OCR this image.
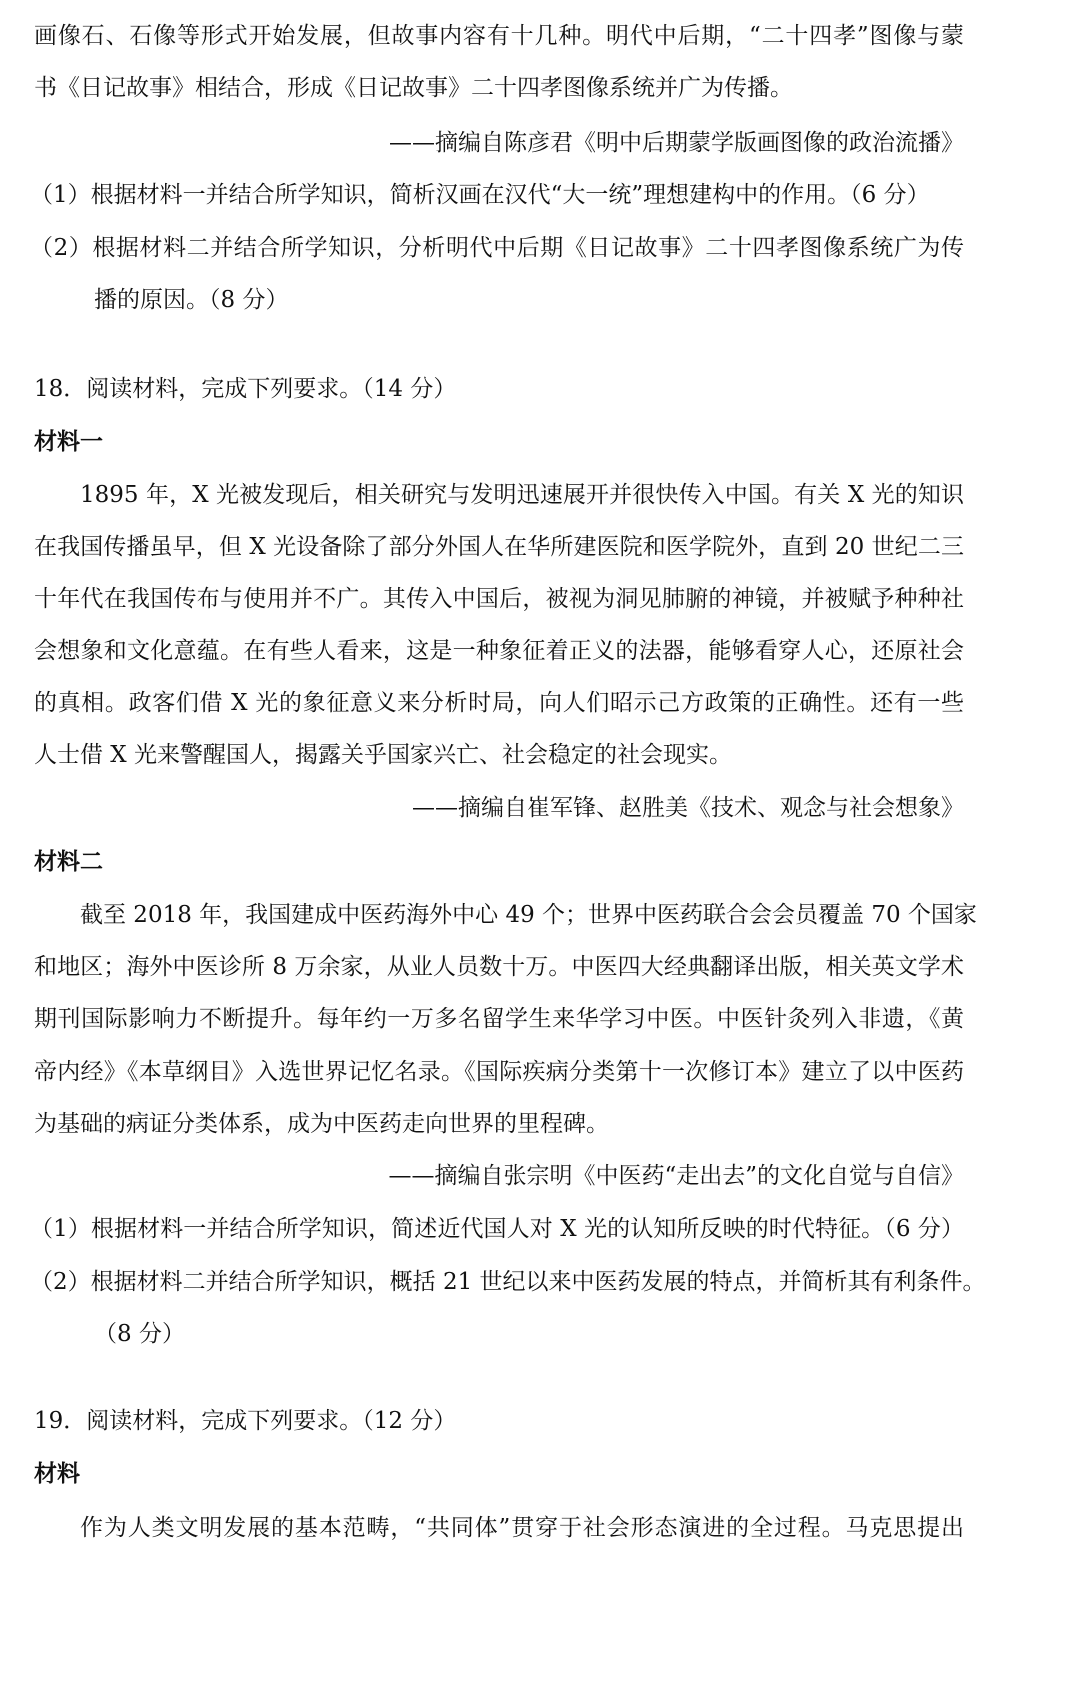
画像石、石像等形式开始发展，但故事内容有十几种。明代中后期，“二十四孝”图像与蒙
书《日记故事》相结合，形成《日记故事》二十四孝图像系统并广为传播。
——摘编自陈彦君《明中后期蒙学版画图像的政治流播》
（1）根据材料一并结合所学知识，简析汉画在汉代“大一统”理想建构中的作用。（6 分）
（2）根据材料二并结合所学知识，分析明代中后期《日记故事》二十四孝图像系统广为传
播的原因。（8 分）
18．阅读材料，完成下列要求。（14 分）
材料一
1895 年，X 光被发现后，相关研究与发明迅速展开并很快传入中国。有关 X 光的知识
在我国传播虽早，但 X 光设备除了部分外国人在华所建医院和医学院外，直到 20 世纪二三
十年代在我国传布与使用并不广。其传入中国后，被视为洞见肺腑的神镜，并被赋予种种社
会想象和文化意蕴。在有些人看来，这是一种象征着正义的法器，能够看穿人心，还原社会
的真相。政客们借 X 光的象征意义来分析时局，向人们昭示己方政策的正确性。还有一些
人士借 X 光来警醒国人，揭露关乎国家兴亡、社会稳定的社会现实。
——摘编自崔军锋、赵胜美《技术、观念与社会想象》
材料二
截至 2018 年，我国建成中医药海外中心 49 个；世界中医药联合会会员覆盖 70 个国家
和地区；海外中医诊所 8 万余家，从业人员数十万。中医四大经典翻译出版，相关英文学术
期刊国际影响力不断提升。每年约一万多名留学生来华学习中医。中医针灸列入非遗，《黄
帝内经》《本草纲目》入选世界记忆名录。《国际疾病分类第十一次修订本》建立了以中医药
为基础的病证分类体系，成为中医药走向世界的里程碑。
——摘编自张宗明《中医药“走出去”的文化自觉与自信》
（1）根据材料一并结合所学知识，简述近代国人对 X 光的认知所反映的时代特征。（6 分）
（2）根据材料二并结合所学知识，概括 21 世纪以来中医药发展的特点，并简析其有利条件。
（8 分）
19．阅读材料，完成下列要求。（12 分）
材料
作为人类文明发展的基本范畴，“共同体”贯穿于社会形态演进的全过程。马克思提出
